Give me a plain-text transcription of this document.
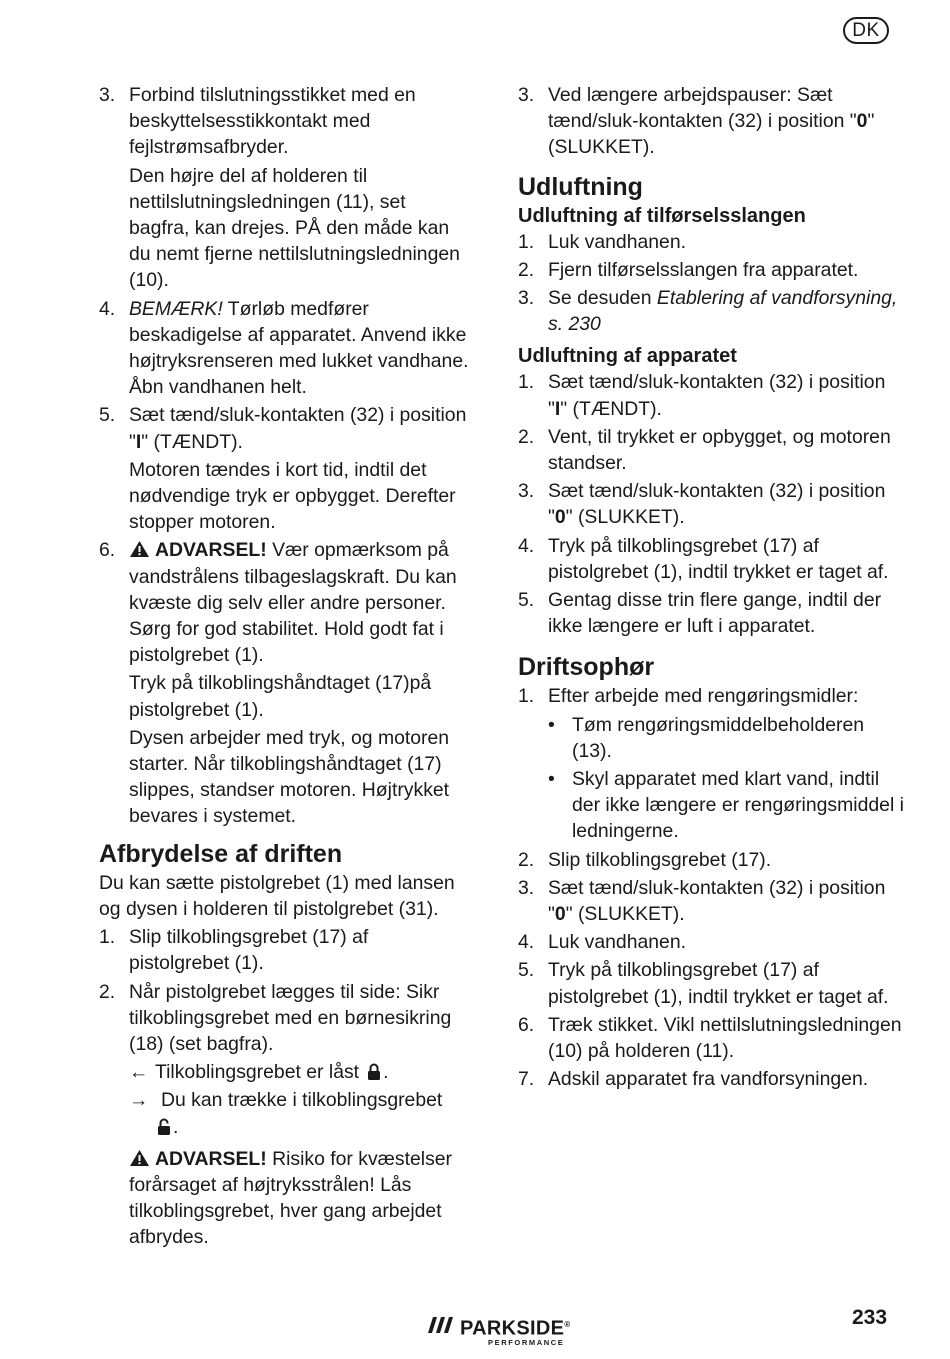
DK
3. Forbind tilslutningsstikket med en beskyttelsesstikkontakt med fejlstrømsafbryder.

Den højre del af holderen til nettilslutningsledningen (11), set bagfra, kan drejes. PÅ den måde kan du nemt fjerne nettilslutningsledningen (10).

4. BEMÆRK! Tørløb medfører beskadigelse af apparatet. Anvend ikke højtryksrenseren med lukket vandhane. Åbn vandhanen helt.

5. Sæt tænd/sluk-kontakten (32) i position "I" (TÆNDT).

Motoren tændes i kort tid, indtil det nødvendige tryk er opbygget. Derefter stopper motoren.

6.	ADVARSEL! Vær opmærksom på vandstrålens tilbageslagskraft. Du kan kvæste dig selv eller andre personer. Sørg for god stabilitet. Hold godt fat i pistolgrebet (1).

Tryk på tilkoblingshåndtaget (17)på pistolgrebet (1).

Dysen arbejder med tryk, og motoren starter. Når tilkoblingshåndtaget (17) slippes, standser motoren. Højtrykket bevares i systemet.

Afbrydelse af driften

Du kan sætte pistolgrebet (1) med lansen og dysen i holderen til pistolgrebet (31).

1. Slip tilkoblingsgrebet (17) af pistolgrebet (1).

2. Når pistolgrebet lægges til side: Sikr tilkoblingsgrebet med en børnesikring (18) (set bagfra).

← Tilkoblingsgrebet er låst .
→ Du kan trække i tilkoblingsgrebet
.

ADVARSEL! Risiko for kvæstelser forårsaget af højtryksstrålen! Lås tilkoblingsgrebet, hver gang arbejdet afbrydes.

3. Ved længere arbejdspauser: Sæt tænd/sluk-kontakten (32) i position "0" (SLUKKET).

Udluftning
Udluftning af tilførselsslangen
1. Luk vandhanen.

2. Fjern tilførselsslangen fra apparatet.

3. Se desuden Etablering af vandforsyning, s. 230

Udluftning af apparatet
1. Sæt tænd/sluk-kontakten (32) i position "I" (TÆNDT).

2. Vent, til trykket er opbygget, og motoren standser.

3. Sæt tænd/sluk-kontakten (32) i position "0" (SLUKKET).

4. Tryk på tilkoblingsgrebet (17) af pistolgrebet (1), indtil trykket er taget af.

5. Gentag disse trin flere gange, indtil der ikke længere er luft i apparatet.

Driftsophør
1. Efter arbejde med rengøringsmidler:

• Tøm rengøringsmiddelbeholderen (13).
• Skyl apparatet med klart vand, indtil der ikke længere er rengøringsmiddel i ledningerne.
2. Slip tilkoblingsgrebet (17).

3. Sæt tænd/sluk-kontakten (32) i position "0" (SLUKKET).

4. Luk vandhanen.

5. Tryk på tilkoblingsgrebet (17) af pistolgrebet (1), indtil trykket er taget af.

6. Træk stikket. Vikl nettilslutningsledningen (10) på holderen (11).

7. Adskil apparatet fra vandforsyningen.

PARKSIDE®
PERFORMANCE
233
